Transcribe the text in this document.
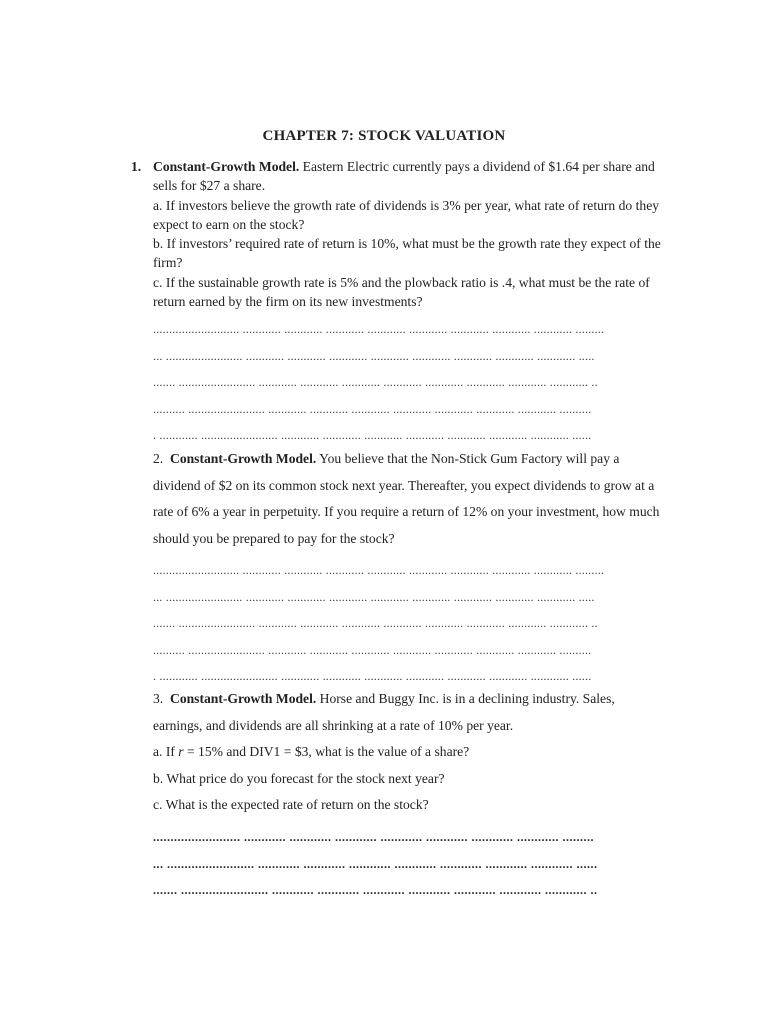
CHAPTER 7: STOCK VALUATION
1. Constant-Growth Model. Eastern Electric currently pays a dividend of $1.64 per share and sells for $27 a share.
a. If investors believe the growth rate of dividends is 3% per year, what rate of return do they expect to earn on the stock?
b. If investors’ required rate of return is 10%, what must be the growth rate they expect of the firm?
c. If the sustainable growth rate is 5% and the plowback ratio is .4, what must be the rate of return earned by the firm on its new investments?
........................... ............ ............ ............ ............ ............ ............ ............ ............ .........
... ........................ ............ ............ ............ ............ ............ ............ ............ ............ .....
....... ........................ ............ ............ ............ ............ ............ ............ ............ ............ ..
.......... ........................ ............ ............ ............ ............ ............ ............ ............ ..........
. ............ ........................ ............ ............ ............ ............ ............ ............ ............ ......
2. Constant-Growth Model. You believe that the Non-Stick Gum Factory will pay a dividend of $2 on its common stock next year. Thereafter, you expect dividends to grow at a rate of 6% a year in perpetuity. If you require a return of 12% on your investment, how much should you be prepared to pay for the stock?
........................... ............ ............ ............ ............ ............ ............ ............ ............ .........
... ........................ ............ ............ ............ ............ ............ ............ ............ ............ .....
....... ........................ ............ ............ ............ ............ ............ ............ ............ ............ ..
.......... ........................ ............ ............ ............ ............ ............ ............ ............ ..........
. ............ ........................ ............ ............ ............ ............ ............ ............ ............ ......
3. Constant-Growth Model. Horse and Buggy Inc. is in a declining industry. Sales, earnings, and dividends are all shrinking at a rate of 10% per year.
a. If r = 15% and DIV1 = $3, what is the value of a share?
b. What price do you forecast for the stock next year?
c. What is the expected rate of return on the stock?
......................... ............ ............ ............ ............ ............ ............ ............ .........
... ......................... ............ ............ ............ ............ ............ ............ ............ ......
....... ......................... ............ ............ ............ ............ ............ ............ ............ ..
